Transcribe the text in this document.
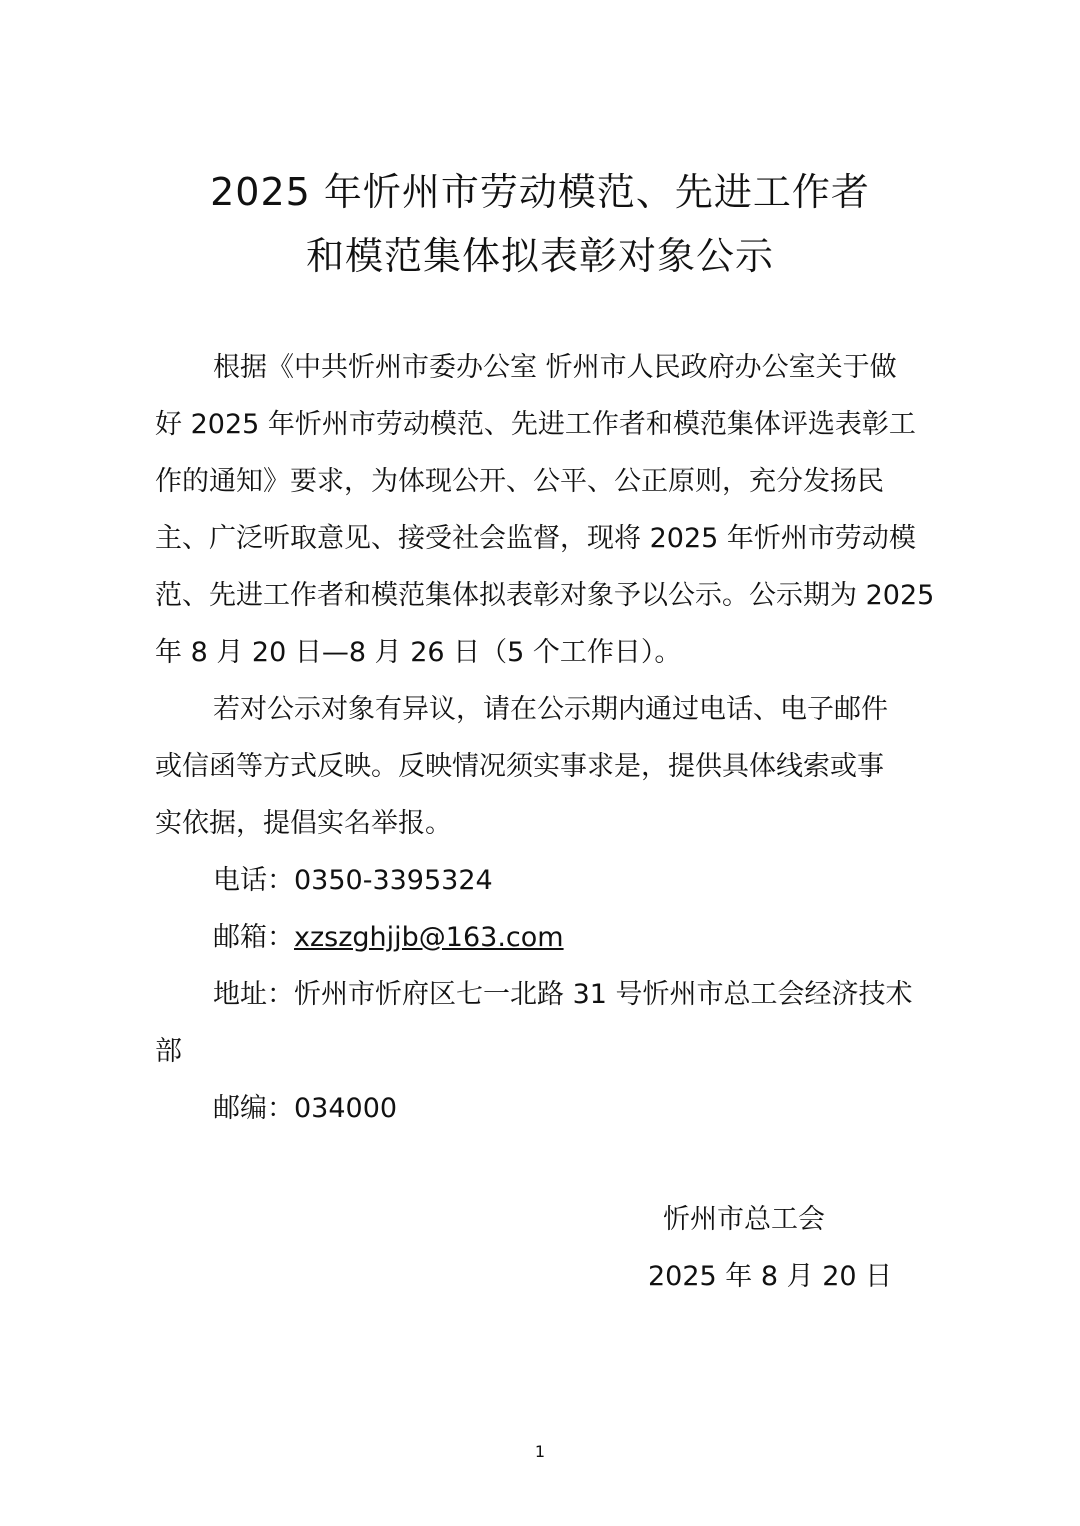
2025 年忻州市劳动模范、先进工作者
和模范集体拟表彰对象公示
根据《中共忻州市委办公室 忻州市人民政府办公室关于做
好 2025 年忻州市劳动模范、先进工作者和模范集体评选表彰工
作的通知》要求，为体现公开、公平、公正原则，充分发扬民
主、广泛听取意见、接受社会监督，现将 2025 年忻州市劳动模
范、先进工作者和模范集体拟表彰对象予以公示。公示期为 2025
年 8 月 20 日—8 月 26 日（5 个工作日）。
若对公示对象有异议，请在公示期内通过电话、电子邮件
或信函等方式反映。反映情况须实事求是，提供具体线索或事
实依据，提倡实名举报。
电话：0350-3395324
邮箱：xzszghjjb@163.com
地址：忻州市忻府区七一北路 31 号忻州市总工会经济技术
部
邮编：034000
忻州市总工会
2025 年 8 月 20 日
1
